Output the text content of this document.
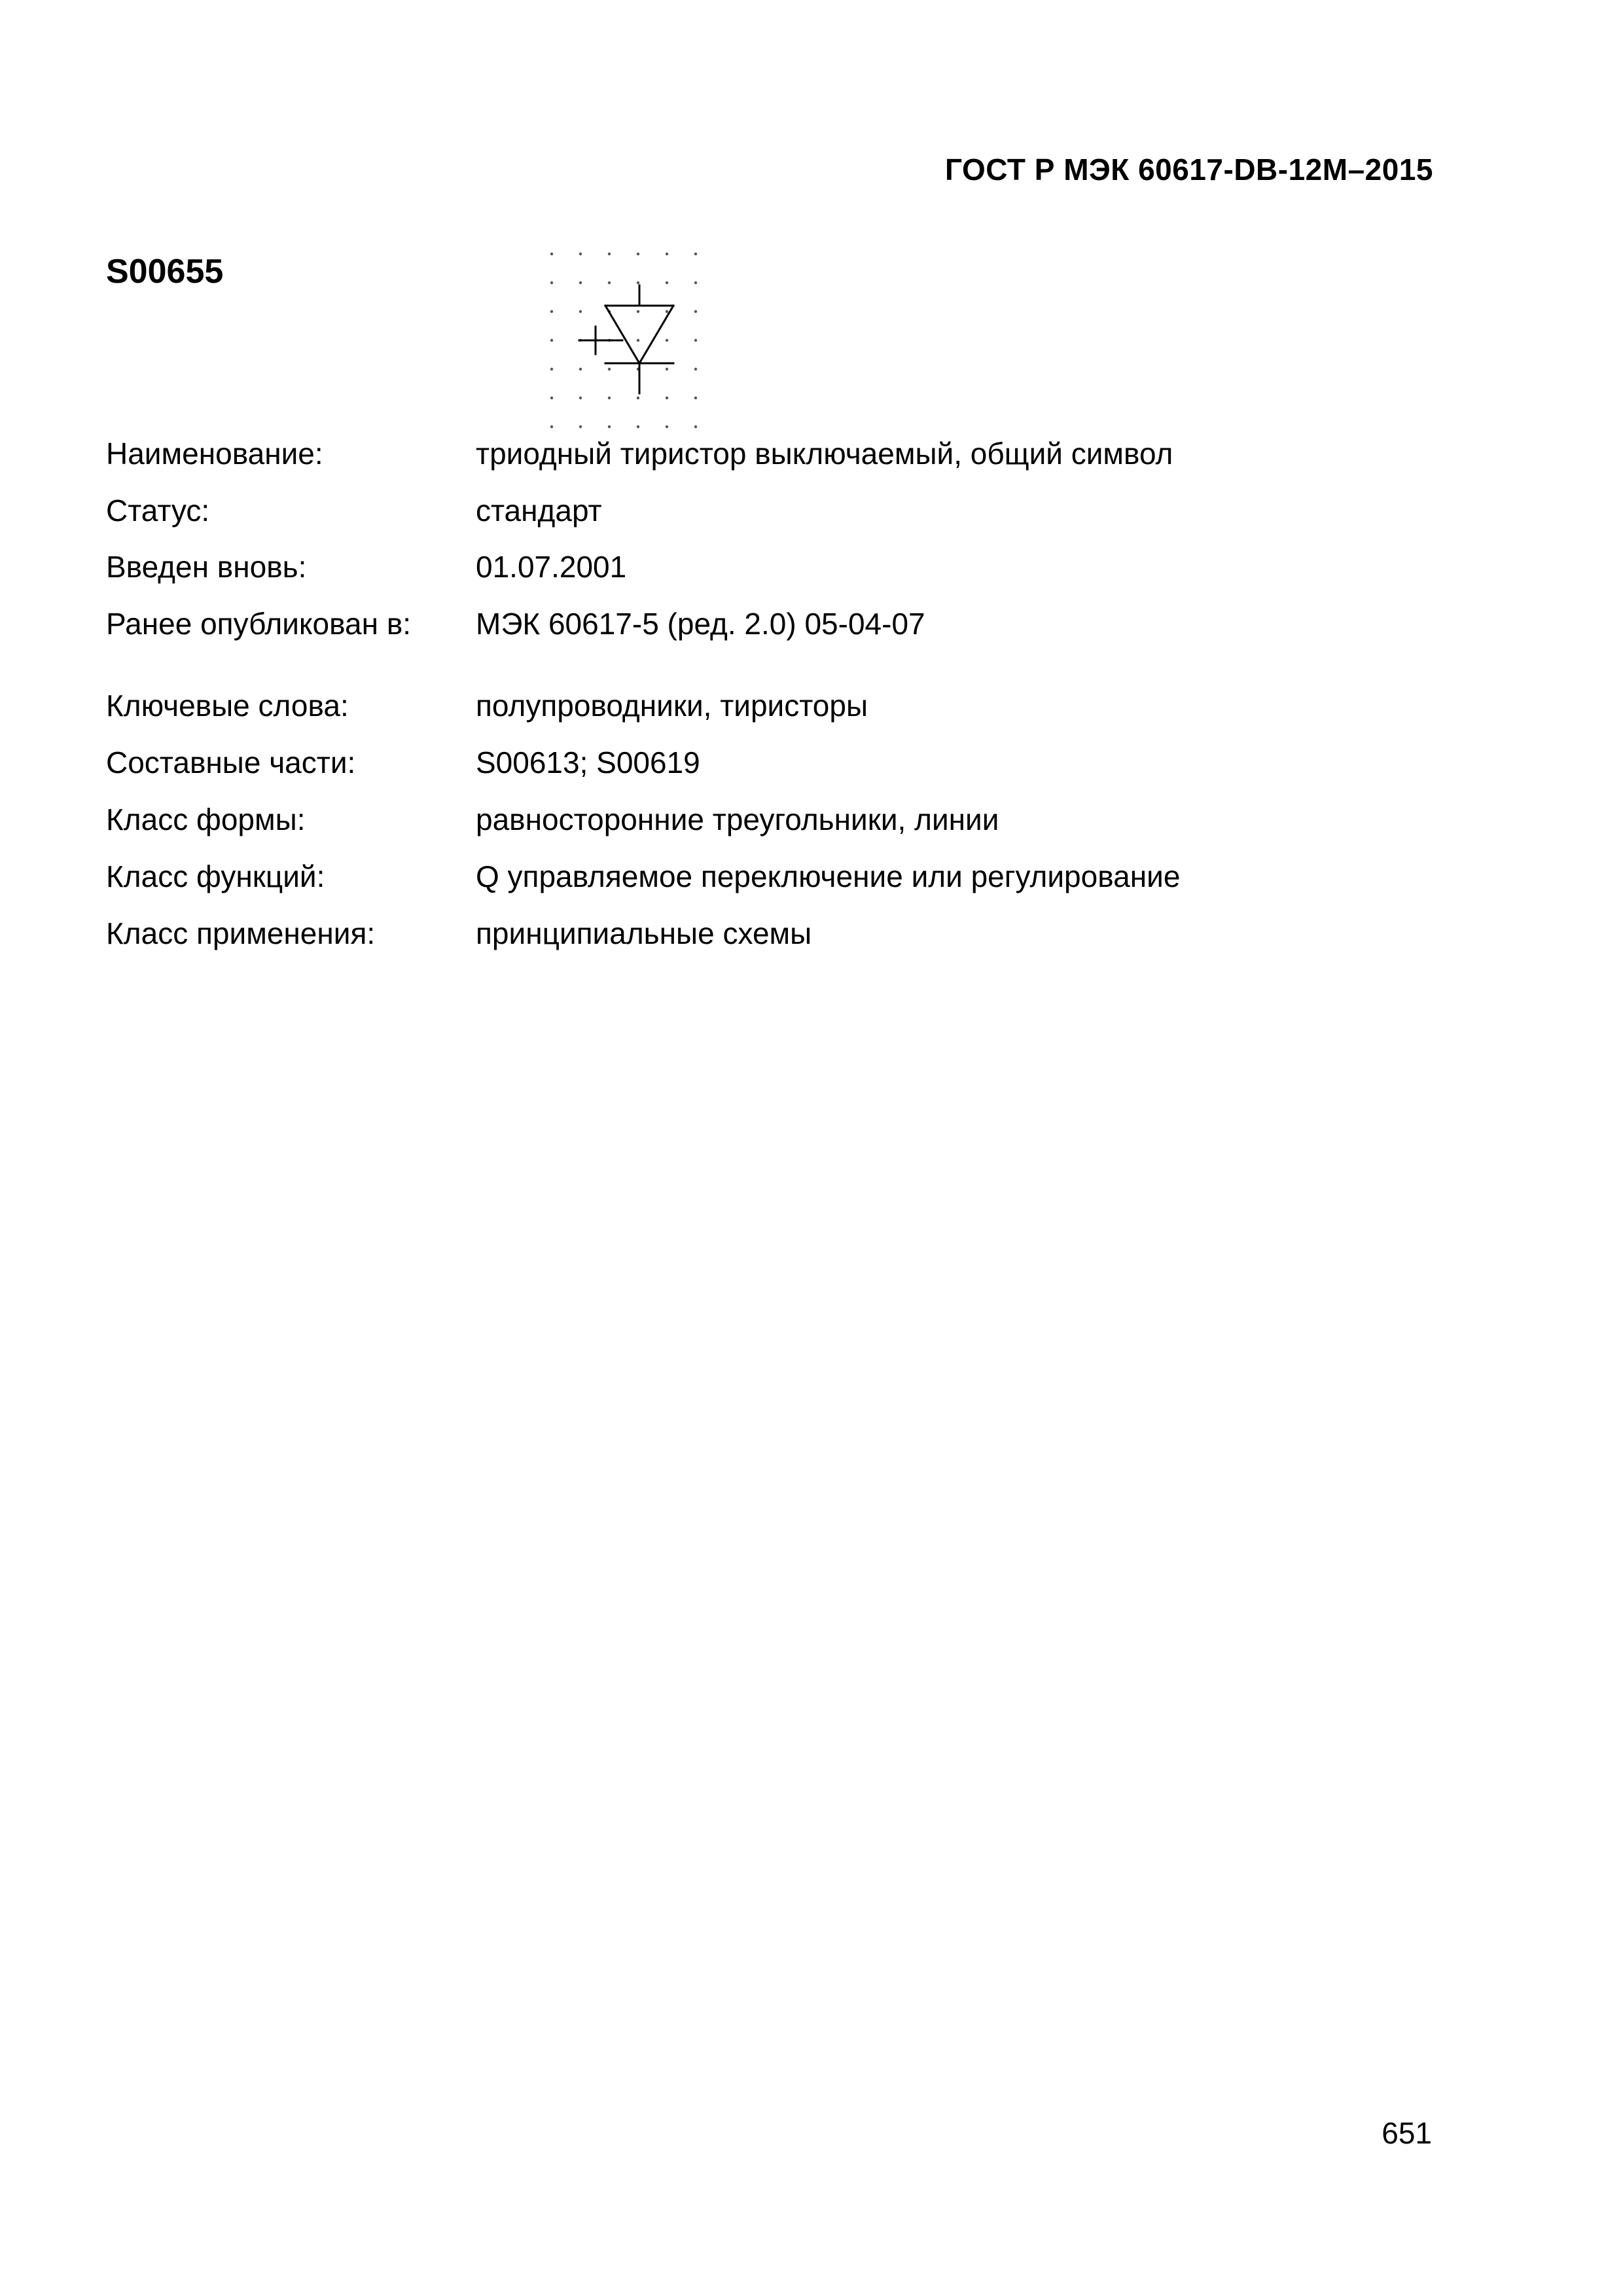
ГОСТ Р МЭК 60617-DB-12M–2015
S00655
Наименование:	триодный тиристор выключаемый, общий символ
Статус:	стандарт
Введен вновь:	01.07.2001
Ранее опубликован в: МЭК 60617-5 (ред. 2.0) 05-04-07
Ключевые слова:	полупроводники, тиристоры
Составные части:	S00613; S00619
Класс формы:	равносторонние треугольники, линии
Класс функций:	Q управляемое переключение или регулирование
Класс применения:	принципиальные схемы
651
